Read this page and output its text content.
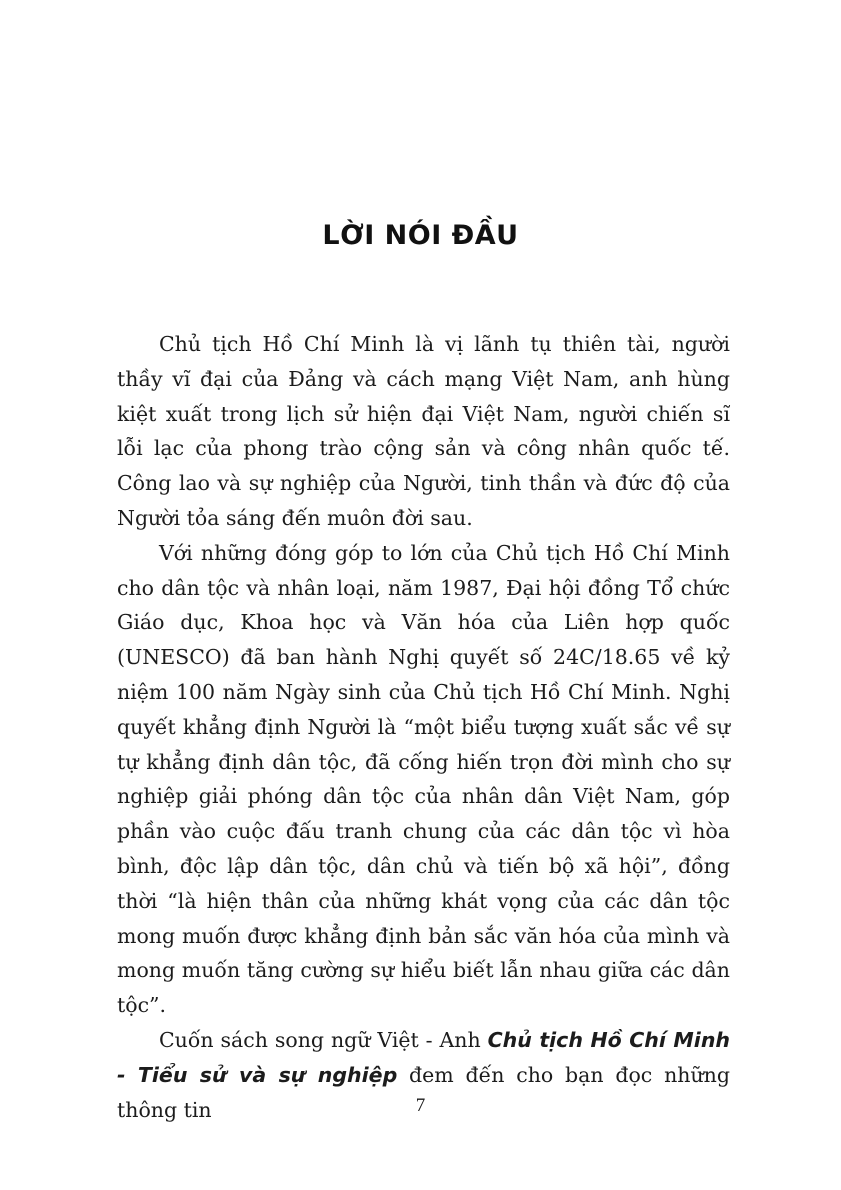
LỜI NÓI ĐẦU

Chủ tịch Hồ Chí Minh là vị lãnh tụ thiên tài, người thầy vĩ đại của Đảng và cách mạng Việt Nam, anh hùng kiệt xuất trong lịch sử hiện đại Việt Nam, người chiến sĩ lỗi lạc của phong trào cộng sản và công nhân quốc tế. Công lao và sự nghiệp của Người, tinh thần và đức độ của Người tỏa sáng đến muôn đời sau.

Với những đóng góp to lớn của Chủ tịch Hồ Chí Minh cho dân tộc và nhân loại, năm 1987, Đại hội đồng Tổ chức Giáo dục, Khoa học và Văn hóa của Liên hợp quốc (UNESCO) đã ban hành Nghị quyết số 24C/18.65 về kỷ niệm 100 năm Ngày sinh của Chủ tịch Hồ Chí Minh. Nghị quyết khẳng định Người là “một biểu tượng xuất sắc về sự tự khẳng định dân tộc, đã cống hiến trọn đời mình cho sự nghiệp giải phóng dân tộc của nhân dân Việt Nam, góp phần vào cuộc đấu tranh chung của các dân tộc vì hòa bình, độc lập dân tộc, dân chủ và tiến bộ xã hội”, đồng thời “là hiện thân của những khát vọng của các dân tộc mong muốn được khẳng định bản sắc văn hóa của mình và mong muốn tăng cường sự hiểu biết lẫn nhau giữa các dân tộc”.

Cuốn sách song ngữ Việt - Anh Chủ tịch Hồ Chí Minh - Tiểu sử và sự nghiệp đem đến cho bạn đọc những thông tin	7
